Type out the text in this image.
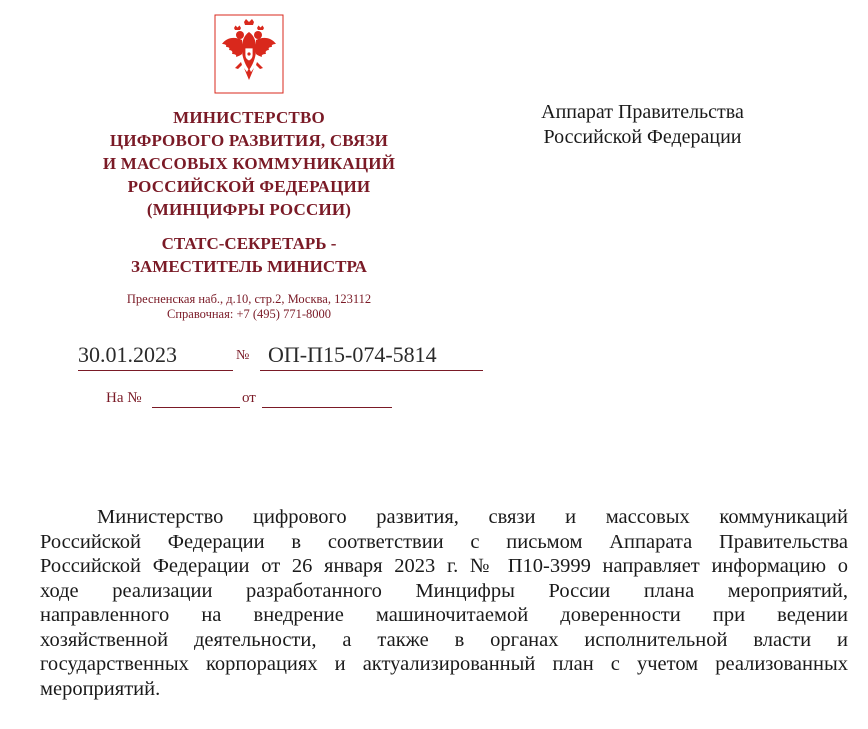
МИНИСТЕРСТВО
ЦИФРОВОГО РАЗВИТИЯ, СВЯЗИ
И МАССОВЫХ КОММУНИКАЦИЙ
РОССИЙСКОЙ ФЕДЕРАЦИИ
(МИНЦИФРЫ РОССИИ)
СТАТС-СЕКРЕТАРЬ -
ЗАМЕСТИТЕЛЬ МИНИСТРА
Пресненская наб., д.10, стр.2, Москва, 123112
Справочная: +7 (495) 771-8000
Аппарат Правительства
Российской Федерации
30.01.2023	№ ОП-П15-074-5814
На №	от
Министерство цифрового развития, связи и массовых коммуникаций
Российской Федерации в соответствии с письмом Аппарата Правительства
Российской Федерации от 26 января 2023 г. № П10-3999 направляет информацию о
ходе реализации разработанного Минцифры России плана мероприятий,
направленного на внедрение машиночитаемой доверенности при ведении
хозяйственной деятельности, а также в органах исполнительной власти и
государственных корпорациях и актуализированный план с учетом реализованных
мероприятий.
